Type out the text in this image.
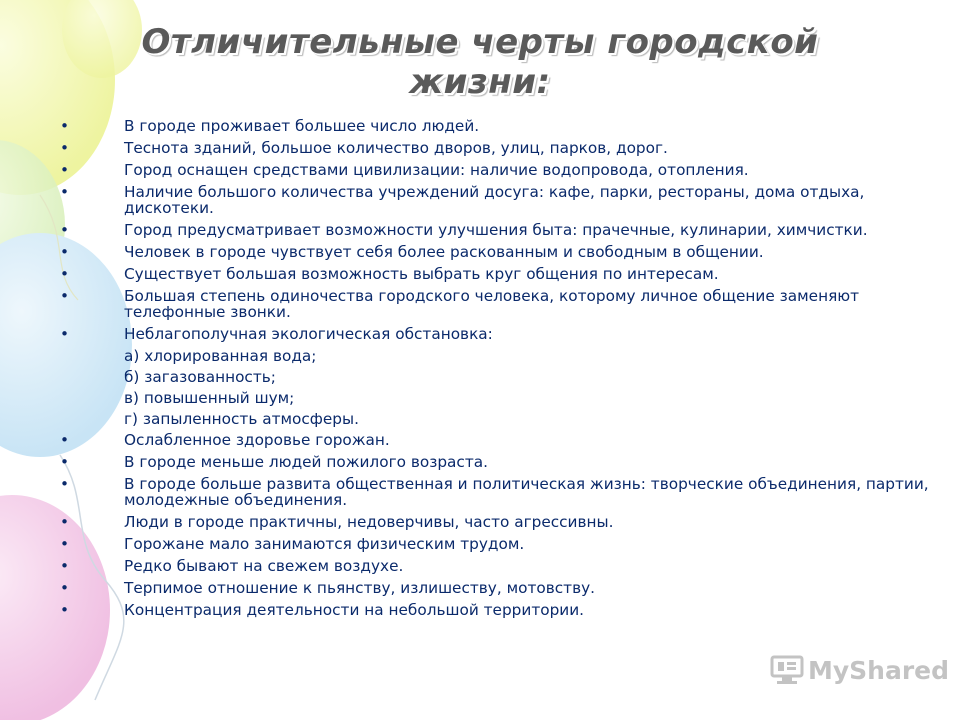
Отличительные черты городской
жизни:
•	В городе проживает большее число людей.
•	Теснота зданий, большое количество дворов, улиц, парков, дорог.
•	Город оснащен средствами цивилизации: наличие водопровода, отопления.
•	Наличие большого количества учреждений досуга: кафе, парки, рестораны, дома отдыха, дискотеки.
•	Город предусматривает возможности улучшения быта: прачечные, кулинарии, химчистки.
•	Человек в городе чувствует себя более раскованным и свободным в общении.
•	Существует большая возможность выбрать круг общения по интересам.
•	Большая степень одиночества городского человека, которому личное общение заменяют телефонные звонки.
•	Неблагополучная экологическая обстановка:
а) хлорированная вода;
б) загазованность;
в) повышенный шум;
г) запыленность атмосферы.
•	Ослабленное здоровье горожан.
•	В городе меньше людей пожилого возраста.
•	В городе больше развита общественная и политическая жизнь: творческие объединения, партии, молодежные объединения.
•	Люди в городе практичны, недоверчивы, часто агрессивны.
•	Горожане мало занимаются физическим трудом.
•	Редко бывают на свежем воздухе.
•	Терпимое отношение к пьянству, излишеству, мотовству.
•	Концентрация деятельности на небольшой территории.
MyShared
